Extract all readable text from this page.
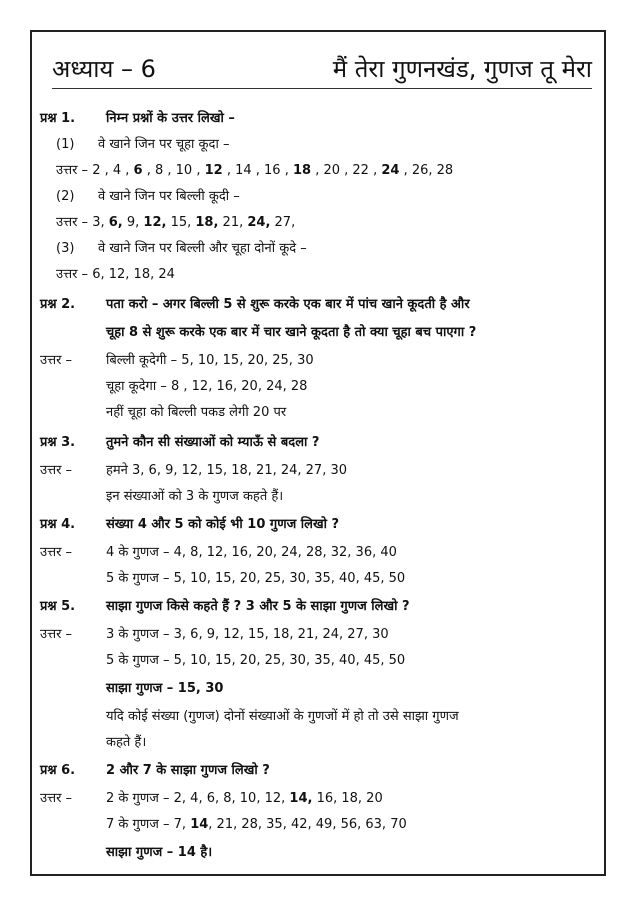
अध्याय – 6	मैं तेरा गुणनखंड, गुणज तू मेरा
प्रश्न 1. निम्न प्रश्नों के उत्तर लिखो –
(1) वे खाने जिन पर चूहा कूदा –
उत्तर – 2 , 4 , 6 , 8 , 10 , 12 , 14 , 16 , 18 , 20 , 22 , 24 , 26, 28
(2) वे खाने जिन पर बिल्ली कूदी –
उत्तर – 3, 6, 9, 12, 15, 18, 21, 24, 27,
(3) वे खाने जिन पर बिल्ली और चूहा दोनों कूदे –
उत्तर – 6, 12, 18, 24
प्रश्न 2. पता करो – अगर बिल्ली 5 से शुरू करके एक बार में पांच खाने कूदती है और
चूहा 8 से शुरू करके एक बार में चार खाने कूदता है तो क्या चूहा बच पाएगा ?
उत्तर –	बिल्ली कूदेगी – 5, 10, 15, 20, 25, 30
चूहा कूदेगा – 8 , 12, 16, 20, 24, 28
नहीं चूहा को बिल्ली पकड लेगी 20 पर
प्रश्न 3. तुमने कौन सी संख्याओं को म्याऊँ से बदला ?
उत्तर –	हमने 3, 6, 9, 12, 15, 18, 21, 24, 27, 30
इन संख्याओं को 3 के गुणज कहते हैं।
प्रश्न 4. संख्या 4 और 5 को कोई भी 10 गुणज लिखो ?
उत्तर –	4 के गुणज – 4, 8, 12, 16, 20, 24, 28, 32, 36, 40
5 के गुणज – 5, 10, 15, 20, 25, 30, 35, 40, 45, 50
प्रश्न 5. साझा गुणज किसे कहते हैं ? 3 और 5 के साझा गुणज लिखो ?
उत्तर –	3 के गुणज – 3, 6, 9, 12, 15, 18, 21, 24, 27, 30
5 के गुणज – 5, 10, 15, 20, 25, 30, 35, 40, 45, 50
साझा गुणज – 15, 30
यदि कोई संख्या (गुणज) दोनों संख्याओं के गुणजों में हो तो उसे साझा गुणज
कहते हैं।
प्रश्न 6. 2 और 7 के साझा गुणज लिखो ?
उत्तर –	2 के गुणज – 2, 4, 6, 8, 10, 12, 14, 16, 18, 20
7 के गुणज – 7, 14, 21, 28, 35, 42, 49, 56, 63, 70
साझा गुणज – 14 है।
